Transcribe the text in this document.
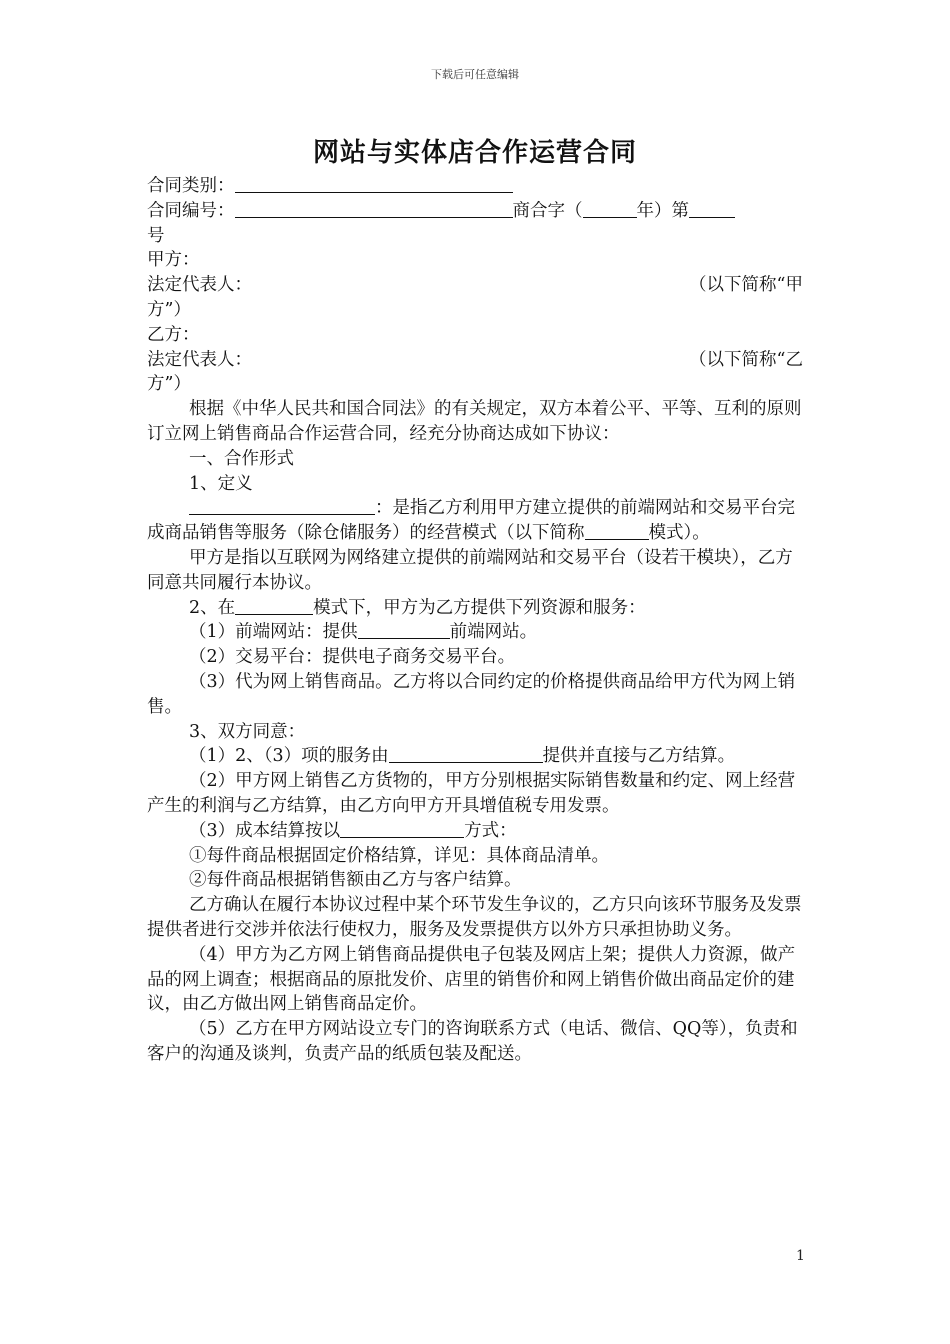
下载后可任意编辑
网站与实体店合作运营合同

合同类别：

合同编号：	商合字（	年）第

号

甲方：

法定代表人：	（以下简称“甲

方”）

乙方：

法定代表人：	（以下简称“乙

方”）

根据《中华人民共和国合同法》的有关规定，双方本着公平、平等、互利的原则订立网上销售商品合作运营合同，经充分协商达成如下协议：

一、合作形式

1、定义

：是指乙方利用甲方建立提供的前端网站和交易平台完成商品销售等服务（除仓储服务）的经营模式（以下简称	模式）。

甲方是指以互联网为网络建立提供的前端网站和交易平台（设若干模块），乙方同意共同履行本协议。

2、在	模式下，甲方为乙方提供下列资源和服务：

（1）前端网站：提供	前端网站。

（2）交易平台：提供电子商务交易平台。

（3）代为网上销售商品。乙方将以合同约定的价格提供商品给甲方代为网上销售。

3、双方同意：

（1）2、（3）项的服务由	提供并直接与乙方结算。

（2）甲方网上销售乙方货物的，甲方分别根据实际销售数量和约定、网上经营产生的利润与乙方结算，由乙方向甲方开具增值税专用发票。

（3）成本结算按以	方式：

①每件商品根据固定价格结算，详见：具体商品清单。

②每件商品根据销售额由乙方与客户结算。

乙方确认在履行本协议过程中某个环节发生争议的，乙方只向该环节服务及发票提供者进行交涉并依法行使权力，服务及发票提供方以外方只承担协助义务。

（4）甲方为乙方网上销售商品提供电子包装及网店上架；提供人力资源，做产品的网上调查；根据商品的原批发价、店里的销售价和网上销售价做出商品定价的建议，由乙方做出网上销售商品定价。

（5）乙方在甲方网站设立专门的咨询联系方式（电话、微信、QQ等），负责和客户的沟通及谈判，负责产品的纸质包装及配送。

1
